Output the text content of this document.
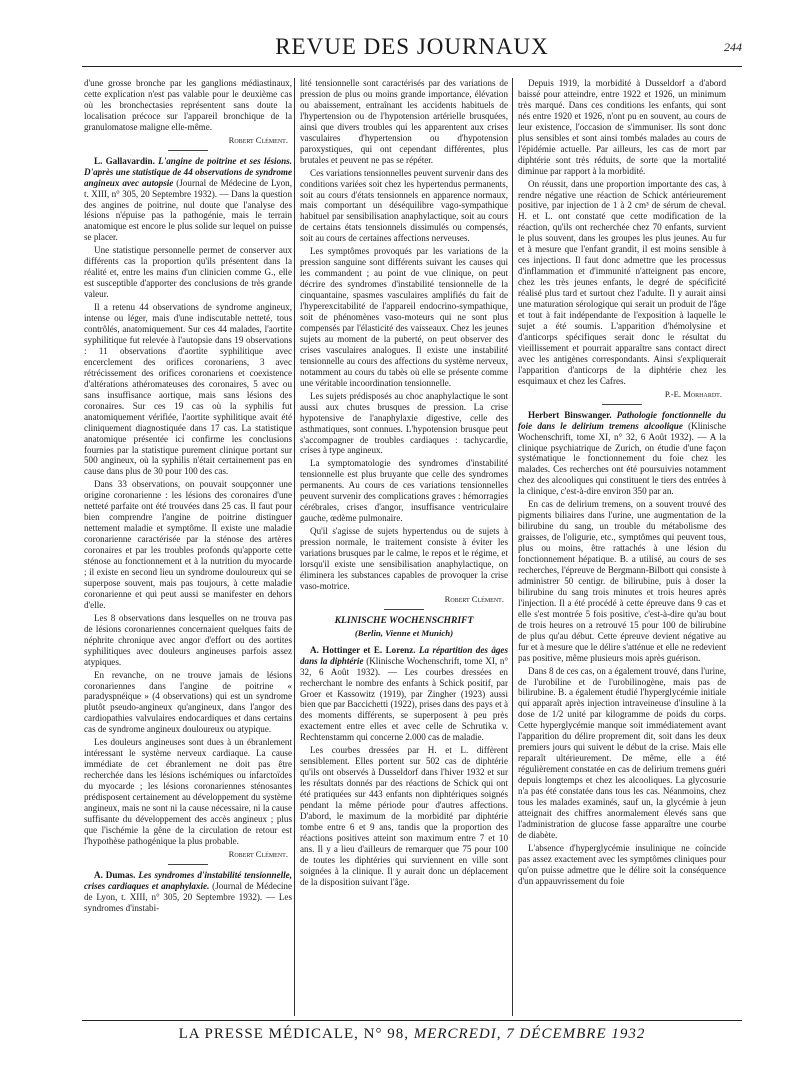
REVUE DES JOURNAUX	244

d'une grosse bronche par les ganglions médiastinaux, cette explication n'est pas valable pour le deuxième cas où les bronchectasies représentent sans doute la localisation précoce sur l'appareil bronchique de la granulomatose maligne elle-même.

Robert Clément.

L. Gallavardin. L'angine de poitrine et ses lésions. D'après une statistique de 44 observations de syndrome angineux avec autopsie (Journal de Médecine de Lyon, t. XIII, n° 305, 20 Septembre 1932). — Dans la question des angines de poitrine, nul doute que l'analyse des lésions n'épuise pas la pathogénie, mais le terrain anatomique est encore le plus solide sur lequel on puisse se placer.

Une statistique personnelle permet de conserver aux différents cas la proportion qu'ils présentent dans la réalité et, entre les mains d'un clinicien comme G., elle est susceptible d'apporter des conclusions de très grande valeur.

Il a retenu 44 observations de syndrome angineux, intense ou léger, mais d'une indiscutable netteté, tous contrôlés, anatomiquement. Sur ces 44 malades, l'aortite syphilitique fut relevée à l'autopsie dans 19 observations : 11 observations d'aortite syphilitique avec encerclement des orifices coronariens, 3 avec rétrécissement des orifices coronariens et coexistence d'altérations athéromateuses des coronaires, 5 avec ou sans insuffisance aortique, mais sans lésions des coronaires. Sur ces 19 cas où la syphilis fut anatomiquement vérifiée, l'aortite syphilitique avait été cliniquement diagnostiquée dans 17 cas. La statistique anatomique présentée ici confirme les conclusions fournies par la statistique purement clinique portant sur 500 angineux, où la syphilis n'était certainement pas en cause dans plus de 30 pour 100 des cas.

Dans 33 observations, on pouvait soupçonner une origine coronarienne : les lésions des coronaires d'une netteté parfaite ont été trouvées dans 25 cas. Il faut pour bien comprendre l'angine de poitrine distinguer nettement maladie et symptôme. Il existe une maladie coronarienne caractérisée par la sténose des artères coronaires et par les troubles profonds qu'apporte cette sténose au fonctionnement et à la nutrition du myocarde ; il existe en second lieu un syndrome douloureux qui se superpose souvent, mais pas toujours, à cette maladie coronarienne et qui peut aussi se manifester en dehors d'elle.

Les 8 observations dans lesquelles on ne trouva pas de lésions coronariennes concernaient quelques faits de néphrite chronique avec angor d'effort ou des aortites syphilitiques avec douleurs angineuses parfois assez atypiques.

En revanche, on ne trouve jamais de lésions coronariennes dans l'angine de poitrine « paradyspnéique » (4 observations) qui est un syndrome plutôt pseudo-angineux qu'angineux, dans l'angor des cardiopathies valvulaires endocardiques et dans certains cas de syndrome angineux douloureux ou atypique.

Les douleurs angineuses sont dues à un ébranlement intéressant le système nerveux cardiaque. La cause immédiate de cet ébranlement ne doit pas être recherchée dans les lésions ischémiques ou infarctoïdes du myocarde ; les lésions coronariennes sténosantes prédisposent certainement au développement du système angineux, mais ne sont ni la cause nécessaire, ni la cause suffisante du développement des accès angineux ; plus que l'ischémie la gêne de la circulation de retour est l'hypothèse pathogénique la plus probable.

Robert Clément.

A. Dumas. Les syndromes d'instabilité tensionnelle, crises cardiaques et anaphylaxie. (Journal de Médecine de Lyon, t. XIII, n° 305, 20 Septembre 1932). — Les syndromes d'instabi-

lité tensionnelle sont caractérisés par des variations de pression de plus ou moins grande importance, élévation ou abaissement, entraînant les accidents habituels de l'hypertension ou de l'hypotension artérielle brusquées, ainsi que divers troubles qui les apparentent aux crises vasculaires d'hypertension ou d'hypotension paroxystiques, qui ont cependant différentes, plus brutales et peuvent ne pas se répéter.

Ces variations tensionnelles peuvent survenir dans des conditions variées soit chez les hypertendus permanents, soit au cours d'états tensionnels en apparence normaux, mais comportant un déséquilibre vago-sympathique habituel par sensibilisation anaphylactique, soit au cours de certains états tensionnels dissimulés ou compensés, soit au cours de certaines affections nerveuses.

Les symptômes provoqués par les variations de la pression sanguine sont différents suivant les causes qui les commandent ; au point de vue clinique, on peut décrire des syndromes d'instabilité tensionnelle de la cinquantaine, spasmes vasculaires amplifiés du fait de l'hyperexcitabilité de l'appareil endocrino-sympathique, soit de phénomènes vaso-moteurs qui ne sont plus compensés par l'élasticité des vaisseaux. Chez les jeunes sujets au moment de la puberté, on peut observer des crises vasculaires analogues. Il existe une instabilité tensionnelle au cours des affections du système nerveux, notamment au cours du tabès où elle se présente comme une véritable incoordination tensionnelle.

Les sujets prédisposés au choc anaphylactique le sont aussi aux chutes brusques de pression. La crise hypotensive de l'anaphylaxie digestive, celle des asthmatiques, sont connues. L'hypotension brusque peut s'accompagner de troubles cardiaques : tachycardie, crises à type angineux.

La symptomatologie des syndromes d'instabilité tensionnelle est plus bruyante que celle des syndromes permanents. Au cours de ces variations tensionnelles peuvent survenir des complications graves : hémorragies cérébrales, crises d'angor, insuffisance ventriculaire gauche, œdème pulmonaire.

Qu'il s'agisse de sujets hypertendus ou de sujets à pression normale, le traitement consiste à éviter les variations brusques par le calme, le repos et le régime, et lorsqu'il existe une sensibilisation anaphylactique, on éliminera les substances capables de provoquer la crise vaso-motrice.

Robert Clément.
KLINISCHE WOCHENSCHRIFT
(Berlin, Vienne et Munich)

A. Hottinger et E. Lorenz. La répartition des âges dans la diphtérie (Klinische Wochenschrift, tome XI, n° 32, 6 Août 1932). — Les courbes dressées en recherchant le nombre des enfants à Schick positif, par Groer et Kassowitz (1919), par Zingher (1923) aussi bien que par Baccichetti (1922), prises dans des pays et à des moments différents, se superposent à peu près exactement entre elles et avec celle de Schrutika v. Rechtenstamm qui concerne 2.000 cas de maladie.

Les courbes dressées par H. et L. diffèrent sensiblement. Elles portent sur 502 cas de diphtérie qu'ils ont observés à Dusseldorf dans l'hiver 1932 et sur les résultats donnés par des réactions de Schick qui ont été pratiquées sur 443 enfants non diphtériques soignés pendant la même période pour d'autres affections. D'abord, le maximum de la morbidité par diphtérie tombe entre 6 et 9 ans, tandis que la proportion des réactions positives atteint son maximum entre 7 et 10 ans. Il y a lieu d'ailleurs de remarquer que 75 pour 100 de toutes les diphtéries qui surviennent en ville sont soignées à la clinique. Il y aurait donc un déplacement de la disposition suivant l'âge.

Depuis 1919, la morbidité à Dusseldorf a d'abord baissé pour atteindre, entre 1922 et 1926, un minimum très marqué. Dans ces conditions les enfants, qui sont nés entre 1920 et 1926, n'ont pu en souvent, au cours de leur existence, l'occasion de s'immuniser. Ils sont donc plus sensibles et sont ainsi tombés malades au cours de l'épidémie actuelle. Par ailleurs, les cas de mort par diphtérie sont très réduits, de sorte que la mortalité diminue par rapport à la morbidité.

On réussit, dans une proportion importante des cas, à rendre négative une réaction de Schick antérieurement positive, par injection de 1 à 2 cm³ de sérum de cheval. H. et L. ont constaté que cette modification de la réaction, qu'ils ont recherchée chez 70 enfants, survient le plus souvent, dans les groupes les plus jeunes. Au fur et à mesure que l'enfant grandit, il est moins sensible à ces injections. Il faut donc admettre que les processus d'inflammation et d'immunité n'atteignent pas encore, chez les très jeunes enfants, le degré de spécificité réalisé plus tard et surtout chez l'adulte. Il y aurait ainsi une maturation sérologique qui serait un produit de l'âge et tout à fait indépendante de l'exposition à laquelle le sujet a été soumis. L'apparition d'hémolysine et d'anticorps spécifiques serait donc le résultat du vieillissement et pourrait apparaître sans contact direct avec les antigènes correspondants. Ainsi s'expliquerait l'apparition d'anticorps de la diphtérie chez les esquimaux et chez les Cafres.

P.-E. Morhardt.

Herbert Binswanger. Pathologie fonctionnelle du foie dans le delirium tremens alcoolique (Klinische Wochenschrift, tome XI, n° 32, 6 Août 1932). — A la clinique psychiatrique de Zurich, on étudie d'une façon systématique le fonctionnement du foie chez les malades. Ces recherches ont été poursuivies notamment chez des alcooliques qui constituent le tiers des entrées à la clinique, c'est-à-dire environ 350 par an.

En cas de delirium tremens, on a souvent trouvé des pigments biliaires dans l'urine, une augmentation de la bilirubine du sang, un trouble du métabolisme des graisses, de l'oligurie, etc., symptômes qui peuvent tous, plus ou moins, être rattachés à une lésion du fonctionnement hépatique. B. a utilisé, au cours de ses recherches, l'épreuve de Bergmann-Bilbott qui consiste à administrer 50 centigr. de bilirubine, puis à doser la bilirubine du sang trois minutes et trois heures après l'injection. Il a été procédé à cette épreuve dans 9 cas et elle s'est montrée 5 fois positive, c'est-à-dire qu'au bout de trois heures on a retrouvé 15 pour 100 de bilirubine de plus qu'au début. Cette épreuve devient négative au fur et à mesure que le délire s'atténue et elle ne redevient pas positive, même plusieurs mois après guérison.

Dans 8 de ces cas, on a également trouvé, dans l'urine, de l'urobiline et de l'urobilinogène, mais pas de bilirubine. B. a également étudié l'hyperglycémie initiale qui apparaît après injection intraveineuse d'insuline à la dose de 1/2 unité par kilogramme de poids du corps. Cette hyperglycémie manque soit immédiatement avant l'apparition du délire proprement dit, soit dans les deux premiers jours qui suivent le début de la crise. Mais elle reparaît ultérieurement. De même, elle a été régulièrement constatée en cas de delirium tremens guéri depuis longtemps et chez les alcooliques. La glycosurie n'a pas été constatée dans tous les cas. Néanmoins, chez tous les malades examinés, sauf un, la glycémie à jeun atteignait des chiffres anormalement élevés sans que l'administration de glucose fasse apparaître une courbe de diabète.

L'absence d'hyperglycémie insulinique ne coïncide pas assez exactement avec les symptômes cliniques pour qu'on puisse admettre que le délire soit la conséquence d'un appauvrissement du foie

LA PRESSE MÉDICALE, N° 98, MERCREDI, 7 DÉCEMBRE 1932
